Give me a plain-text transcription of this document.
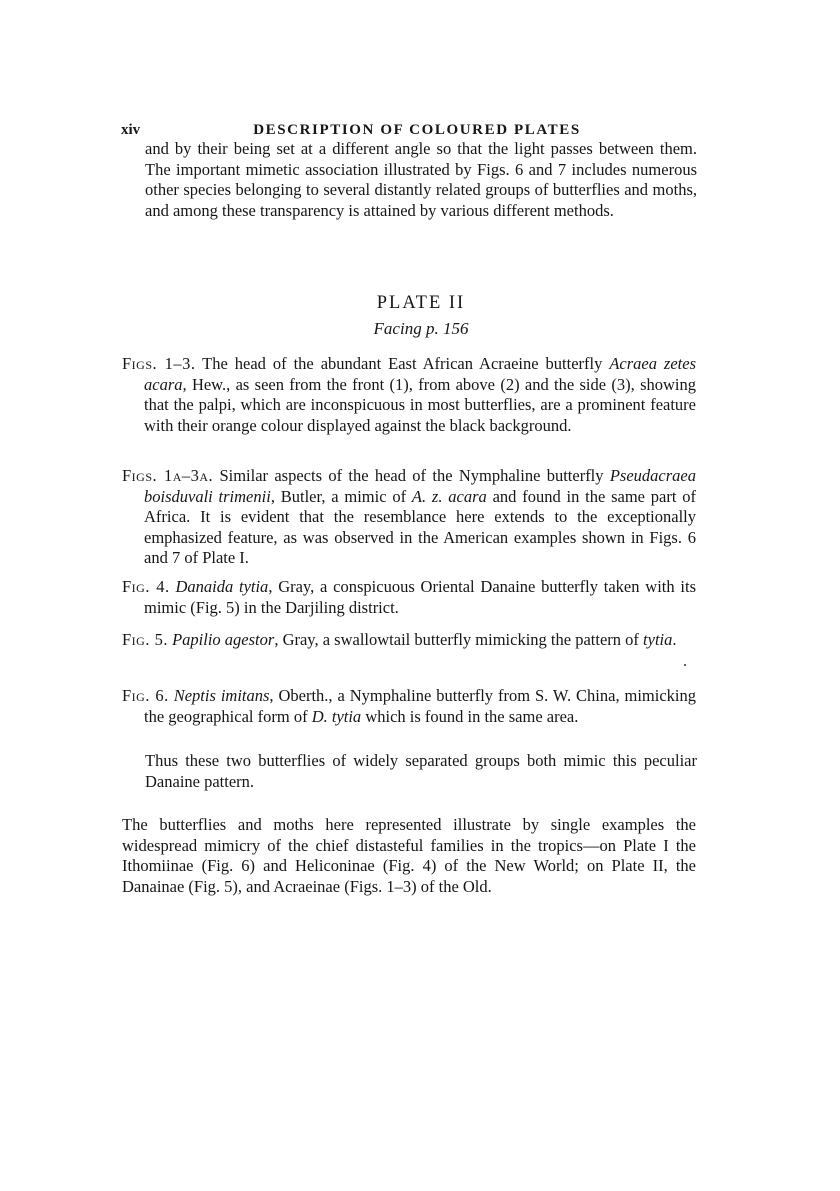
xiv	DESCRIPTION OF COLOURED PLATES

and by their being set at a different angle so that the light passes between them. The important mimetic association illustrated by Figs. 6 and 7 includes numerous other species belonging to several distantly related groups of butterflies and moths, and among these transparency is attained by various different methods.

PLATE II
Facing p. 156

Figs. 1–3. The head of the abundant East African Acraeine butterfly Acraea zetes acara, Hew., as seen from the front (1), from above (2) and the side (3), showing that the palpi, which are inconspicuous in most butterflies, are a prominent feature with their orange colour displayed against the black background.

Figs. 1a–3a. Similar aspects of the head of the Nymphaline butterfly Pseudacraea boisduvali trimenii, Butler, a mimic of A. z. acara and found in the same part of Africa. It is evident that the resemblance here extends to the exceptionally emphasized feature, as was observed in the American examples shown in Figs. 6 and 7 of Plate I.

Fig. 4. Danaida tytia, Gray, a conspicuous Oriental Danaine butterfly taken with its mimic (Fig. 5) in the Darjiling district.

Fig. 5. Papilio agestor, Gray, a swallowtail butterfly mimicking the pattern of tytia.

Fig. 6. Neptis imitans, Oberth., a Nymphaline butterfly from S. W. China, mimicking the geographical form of D. tytia which is found in the same area.

Thus these two butterflies of widely separated groups both mimic this peculiar Danaine pattern.

The butterflies and moths here represented illustrate by single examples the widespread mimicry of the chief distasteful families in the tropics—on Plate I the Ithomiinae (Fig. 6) and Heliconinae (Fig. 4) of the New World; on Plate II, the Danainae (Fig. 5), and Acraeinae (Figs. 1–3) of the Old.
